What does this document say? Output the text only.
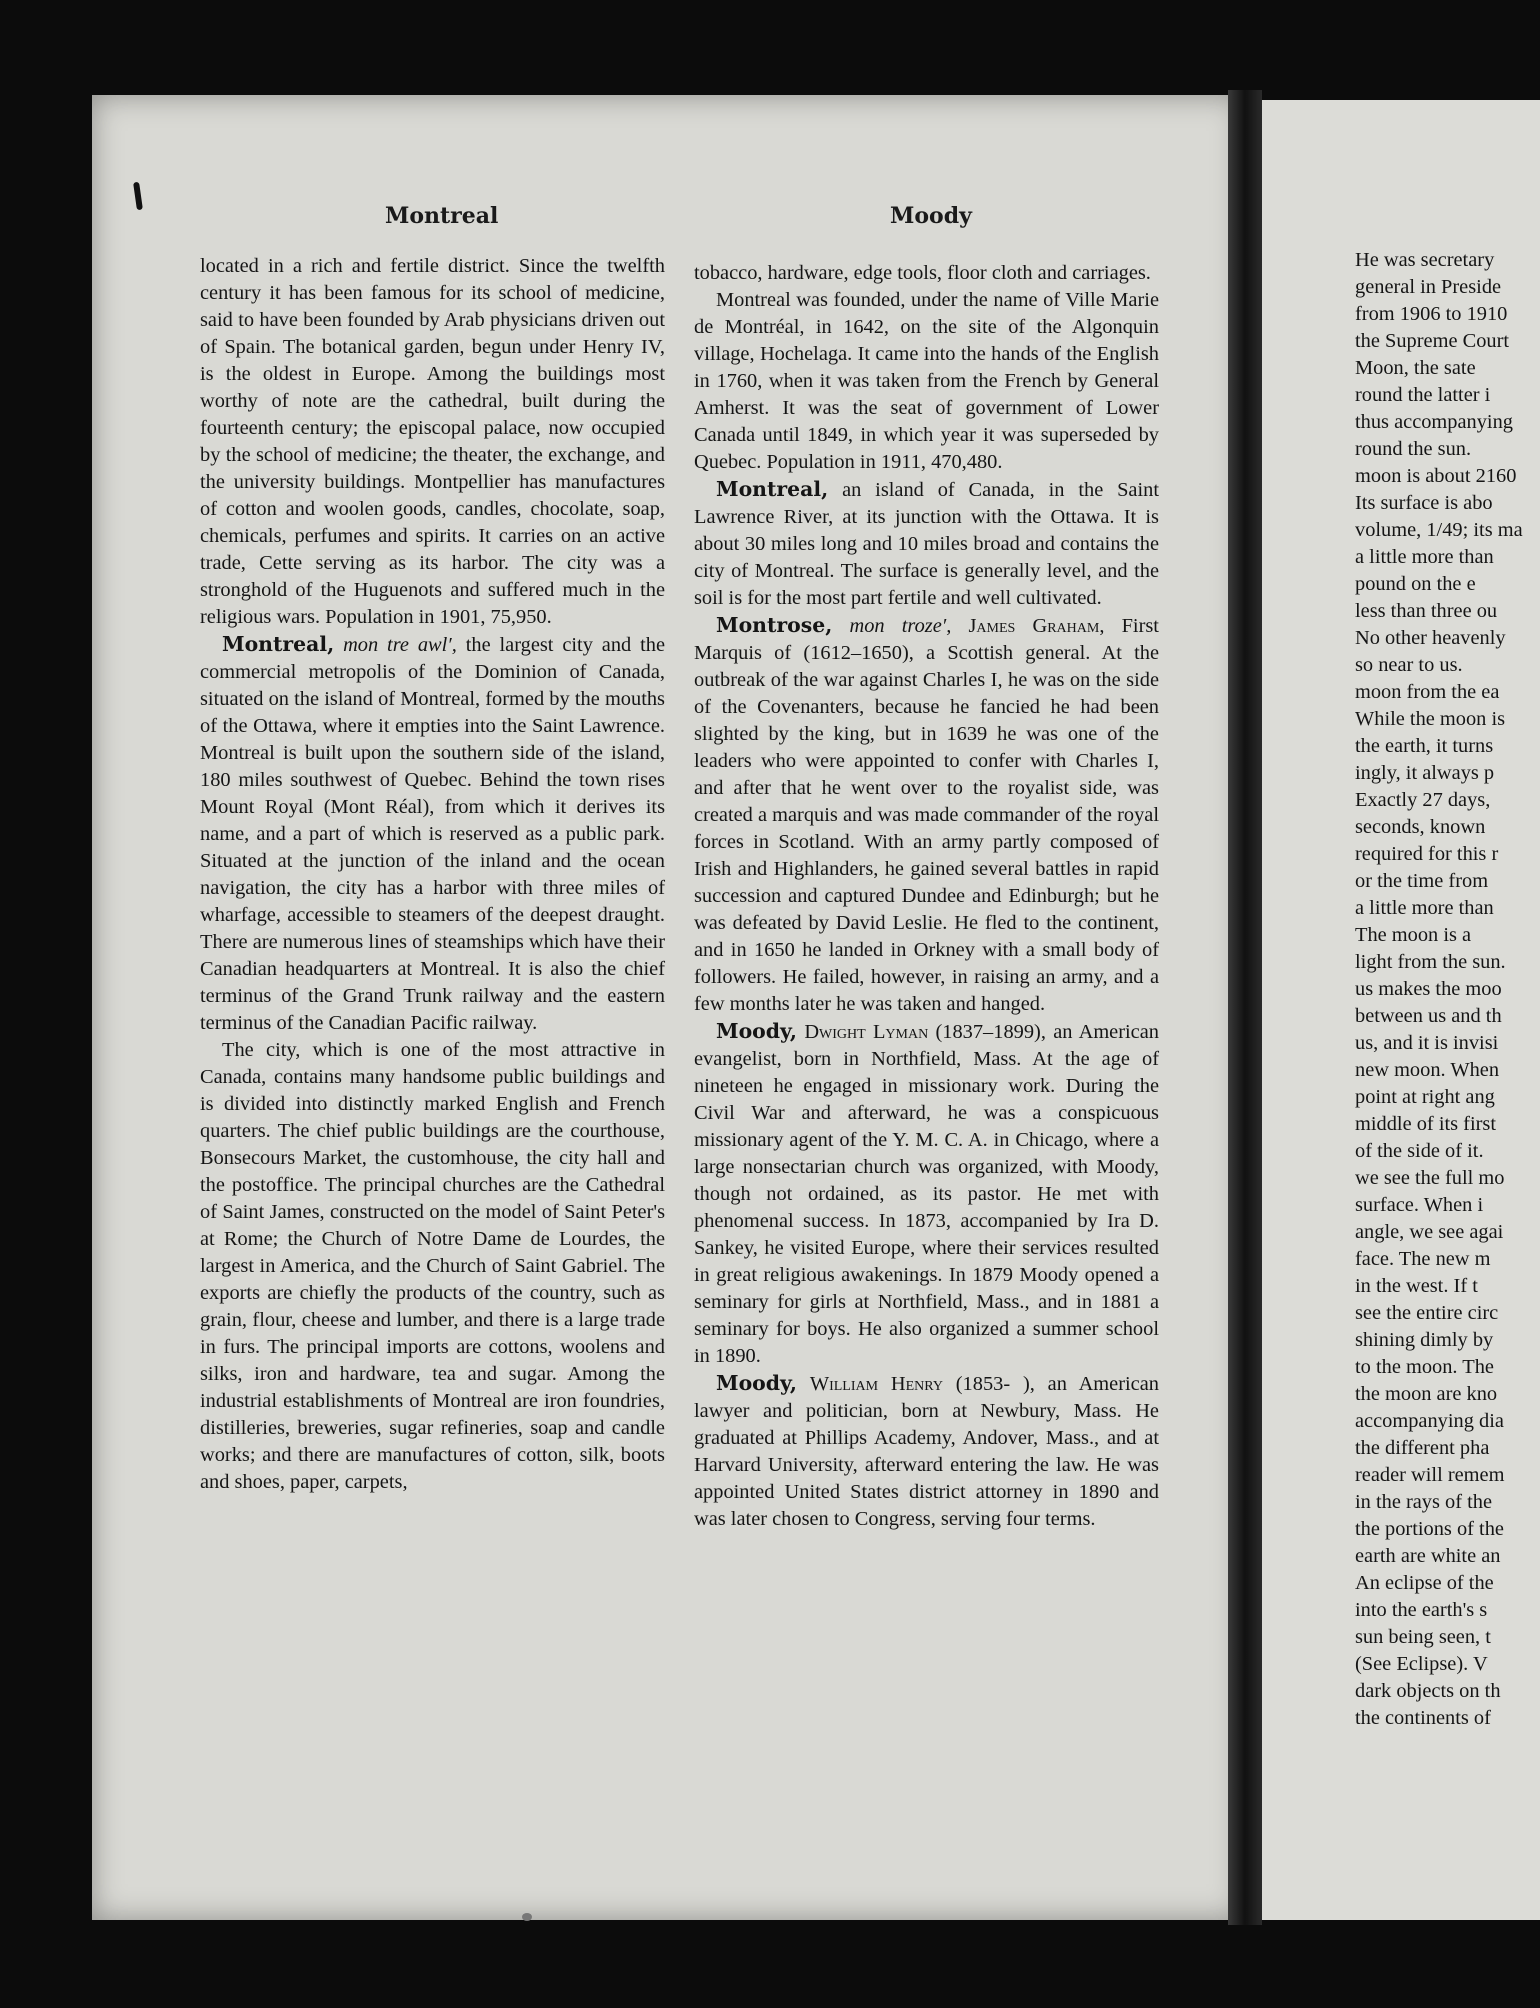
Montreal	Moody

located in a rich and fertile district. Since the twelfth century it has been famous for its school of medicine, said to have been founded by Arab physicians driven out of Spain. The botanical garden, begun under Henry IV, is the oldest in Europe. Among the buildings most worthy of note are the cathedral, built during the fourteenth century; the episcopal palace, now occupied by the school of medicine; the theater, the exchange, and the university buildings. Montpellier has manufactures of cotton and woolen goods, candles, chocolate, soap, chemicals, perfumes and spirits. It carries on an active trade, Cette serving as its harbor. The city was a stronghold of the Huguenots and suffered much in the religious wars. Population in 1901, 75,950.

Montreal, mon tre awl′, the largest city and the commercial metropolis of the Dominion of Canada, situated on the island of Montreal, formed by the mouths of the Ottawa, where it empties into the Saint Lawrence. Montreal is built upon the southern side of the island, 180 miles southwest of Quebec. Behind the town rises Mount Royal (Mont Réal), from which it derives its name, and a part of which is reserved as a public park. Situated at the junction of the inland and the ocean navigation, the city has a harbor with three miles of wharfage, accessible to steamers of the deepest draught. There are numerous lines of steamships which have their Canadian headquarters at Montreal. It is also the chief terminus of the Grand Trunk railway and the eastern terminus of the Canadian Pacific railway.

The city, which is one of the most attractive in Canada, contains many handsome public buildings and is divided into distinctly marked English and French quarters. The chief public buildings are the courthouse, Bonsecours Market, the customhouse, the city hall and the postoffice. The principal churches are the Cathedral of Saint James, constructed on the model of Saint Peter's at Rome; the Church of Notre Dame de Lourdes, the largest in America, and the Church of Saint Gabriel. The exports are chiefly the products of the country, such as grain, flour, cheese and lumber, and there is a large trade in furs. The principal imports are cottons, woolens and silks, iron and hardware, tea and sugar. Among the industrial establishments of Montreal are iron foundries, distilleries, breweries, sugar refineries, soap and candle works; and there are manufactures of cotton, silk, boots and shoes, paper, carpets,

tobacco, hardware, edge tools, floor cloth and carriages.

Montreal was founded, under the name of Ville Marie de Montréal, in 1642, on the site of the Algonquin village, Hochelaga. It came into the hands of the English in 1760, when it was taken from the French by General Amherst. It was the seat of government of Lower Canada until 1849, in which year it was superseded by Quebec. Population in 1911, 470,480.

Montreal, an island of Canada, in the Saint Lawrence River, at its junction with the Ottawa. It is about 30 miles long and 10 miles broad and contains the city of Montreal. The surface is generally level, and the soil is for the most part fertile and well cultivated.

Montrose, mon troze′, James Graham, First Marquis of (1612–1650), a Scottish general. At the outbreak of the war against Charles I, he was on the side of the Covenanters, because he fancied he had been slighted by the king, but in 1639 he was one of the leaders who were appointed to confer with Charles I, and after that he went over to the royalist side, was created a marquis and was made commander of the royal forces in Scotland. With an army partly composed of Irish and Highlanders, he gained several battles in rapid succession and captured Dundee and Edinburgh; but he was defeated by David Leslie. He fled to the continent, and in 1650 he landed in Orkney with a small body of followers. He failed, however, in raising an army, and a few months later he was taken and hanged.

Moody, Dwight Lyman (1837–1899), an American evangelist, born in Northfield, Mass. At the age of nineteen he engaged in missionary work. During the Civil War and afterward, he was a conspicuous missionary agent of the Y. M. C. A. in Chicago, where a large nonsectarian church was organized, with Moody, though not ordained, as its pastor. He met with phenomenal success. In 1873, accompanied by Ira D. Sankey, he visited Europe, where their services resulted in great religious awakenings. In 1879 Moody opened a seminary for girls at Northfield, Mass., and in 1881 a seminary for boys. He also organized a summer school in 1890.

Moody, William Henry (1853- ), an American lawyer and politician, born at Newbury, Mass. He graduated at Phillips Academy, Andover, Mass., and at Harvard University, afterward entering the law. He was appointed United States district attorney in 1890 and was later chosen to Congress, serving four terms.

He was secretary

general in Preside

from 1906 to 1910

the Supreme Court

Moon, the sate

round the latter i

thus accompanying

round the sun.

moon is about 2160

Its surface is abo

volume, 1/49; its ma

a little more than

pound on the e

less than three ou

No other heavenly

so near to us.

moon from the ea

While the moon is

the earth, it turns

ingly, it always p

Exactly 27 days,

seconds, known

required for this r

or the time from

a little more than

The moon is a

light from the sun.

us makes the moo

between us and th

us, and it is invisi

new moon. When

point at right ang

middle of its first

of the side of it.

we see the full mo

surface. When i

angle, we see agai

face. The new m

in the west. If t

see the entire circ

shining dimly by

to the moon. The

the moon are kno

accompanying dia

the different pha

reader will remem

in the rays of the

the portions of the

earth are white an

An eclipse of the

into the earth's s

sun being seen, t

(See Eclipse). V

dark objects on th

the continents of
